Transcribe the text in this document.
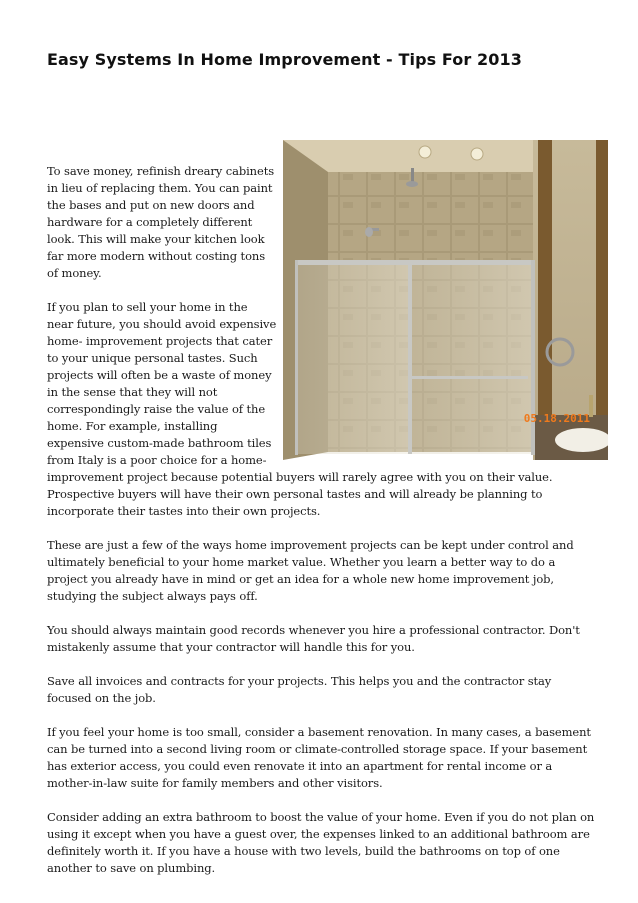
Easy Systems In Home Improvement - Tips For 2013
05.18.2011

To save money, refinish dreary cabinets in lieu of replacing them. You can paint the bases and put on new doors and hardware for a completely different look. This will make your kitchen look far more modern without costing tons of money.

If you plan to sell your home in the near future, you should avoid expensive home- improvement projects that cater to your unique personal tastes. Such projects will often be a waste of money in the sense that they will not correspondingly raise the value of the home. For example, installing expensive custom-made bathroom tiles from Italy is a poor choice for a home-improvement project because potential buyers will rarely agree with you on their value. Prospective buyers will have their own personal tastes and will already be planning to incorporate their tastes into their own projects.

These are just a few of the ways home improvement projects can be kept under control and ultimately beneficial to your home market value. Whether you learn a better way to do a project you already have in mind or get an idea for a whole new home improvement job, studying the subject always pays off.

You should always maintain good records whenever you hire a professional contractor. Don't mistakenly assume that your contractor will handle this for you.

Save all invoices and contracts for your projects. This helps you and the contractor stay focused on the job.

If you feel your home is too small, consider a basement renovation. In many cases, a basement can be turned into a second living room or climate-controlled storage space. If your basement has exterior access, you could even renovate it into an apartment for rental income or a mother-in-law suite for family members and other visitors.

Consider adding an extra bathroom to boost the value of your home. Even if you do not plan on using it except when you have a guest over, the expenses linked to an additional bathroom are definitely worth it. If you have a house with two levels, build the bathrooms on top of one another to save on plumbing.
